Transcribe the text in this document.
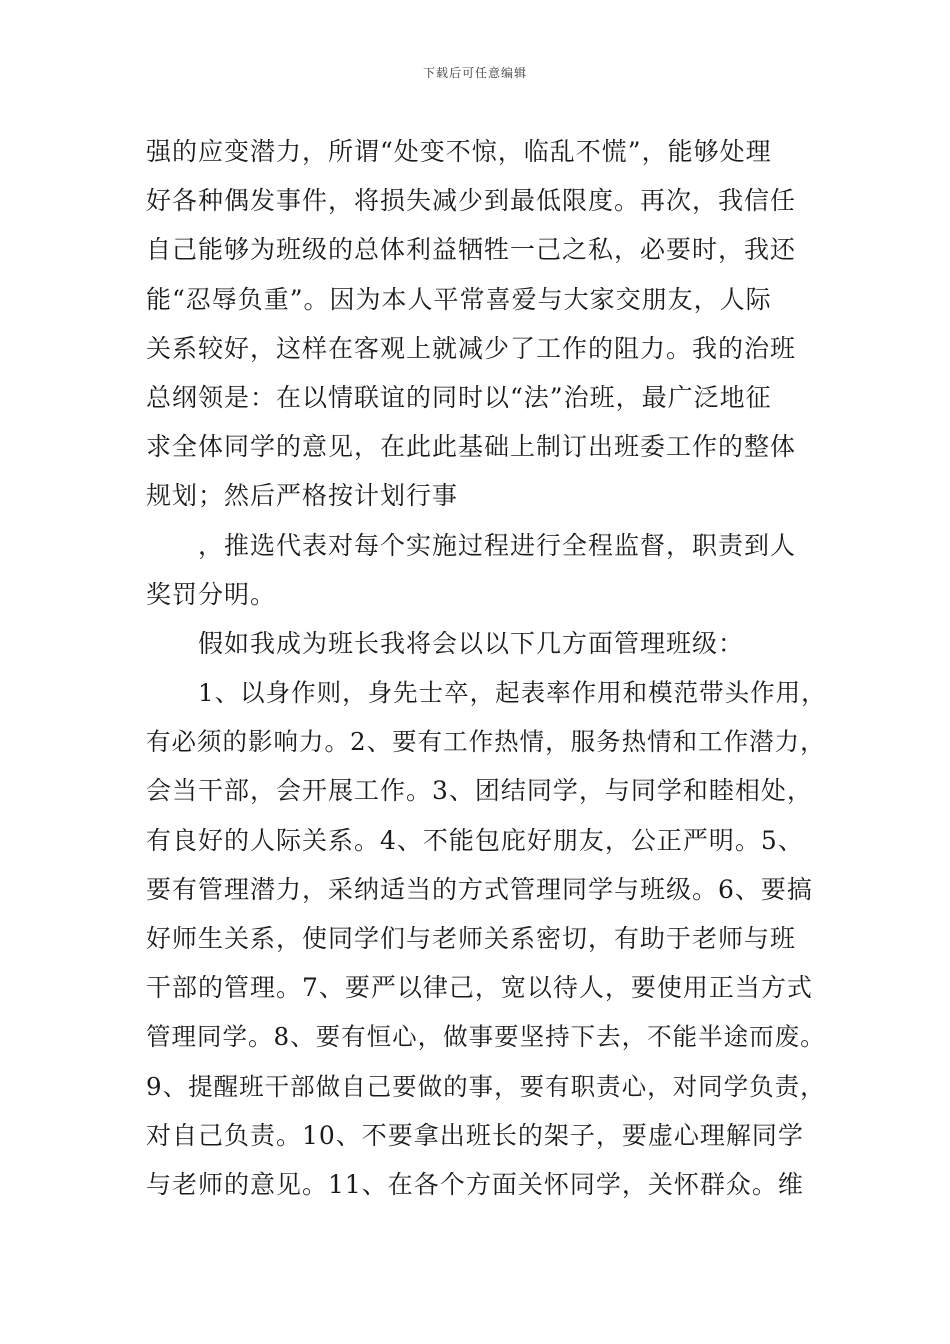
下载后可任意编辑
强的应变潜力，所谓“处变不惊，临乱不慌”，能够处理
好各种偶发事件，将损失减少到最低限度。再次，我信任
自己能够为班级的总体利益牺牲一己之私，必要时，我还
能“忍辱负重”。因为本人平常喜爱与大家交朋友，人际
关系较好，这样在客观上就减少了工作的阻力。我的治班
总纲领是：在以情联谊的同时以“法”治班，最广泛地征
求全体同学的意见，在此此基础上制订出班委工作的整体
规划；然后严格按计划行事
，推选代表对每个实施过程进行全程监督，职责到人
奖罚分明。
假如我成为班长我将会以以下几方面管理班级：
1、以身作则，身先士卒，起表率作用和模范带头作用，
有必须的影响力。2、要有工作热情，服务热情和工作潜力，
会当干部，会开展工作。3、团结同学，与同学和睦相处，
有良好的人际关系。4、不能包庇好朋友，公正严明。5、
要有管理潜力，采纳适当的方式管理同学与班级。6、要搞
好师生关系，使同学们与老师关系密切，有助于老师与班
干部的管理。7、要严以律己，宽以待人，要使用正当方式
管理同学。8、要有恒心，做事要坚持下去，不能半途而废。
9、提醒班干部做自己要做的事，要有职责心，对同学负责，
对自己负责。10、不要拿出班长的架子，要虚心理解同学
与老师的意见。11、在各个方面关怀同学，关怀群众。维
